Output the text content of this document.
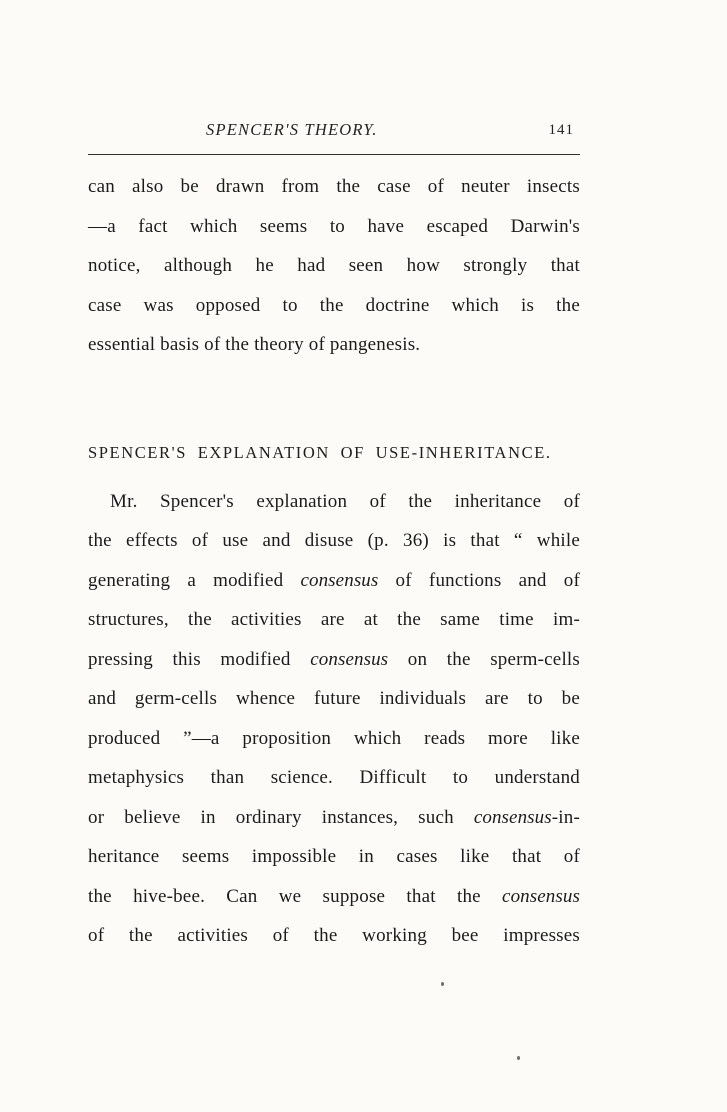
SPENCER'S THEORY.	141
can also be drawn from the case of neuter insects
—a fact which seems to have escaped Darwin's
notice, although he had seen how strongly that
case was opposed to the doctrine which is the
essential basis of the theory of pangenesis.
SPENCER'S EXPLANATION OF USE-INHERITANCE.
Mr. Spencer's explanation of the inheritance of
the effects of use and disuse (p. 36) is that “ while
generating a modified consensus of functions and of
structures, the activities are at the same time im-
pressing this modified consensus on the sperm-cells
and germ-cells whence future individuals are to be
produced ”—a proposition which reads more like
metaphysics than science. Difficult to understand
or believe in ordinary instances, such consensus-in-
heritance seems impossible in cases like that of
the hive-bee. Can we suppose that the consensus
of the activities of the working bee impresses
